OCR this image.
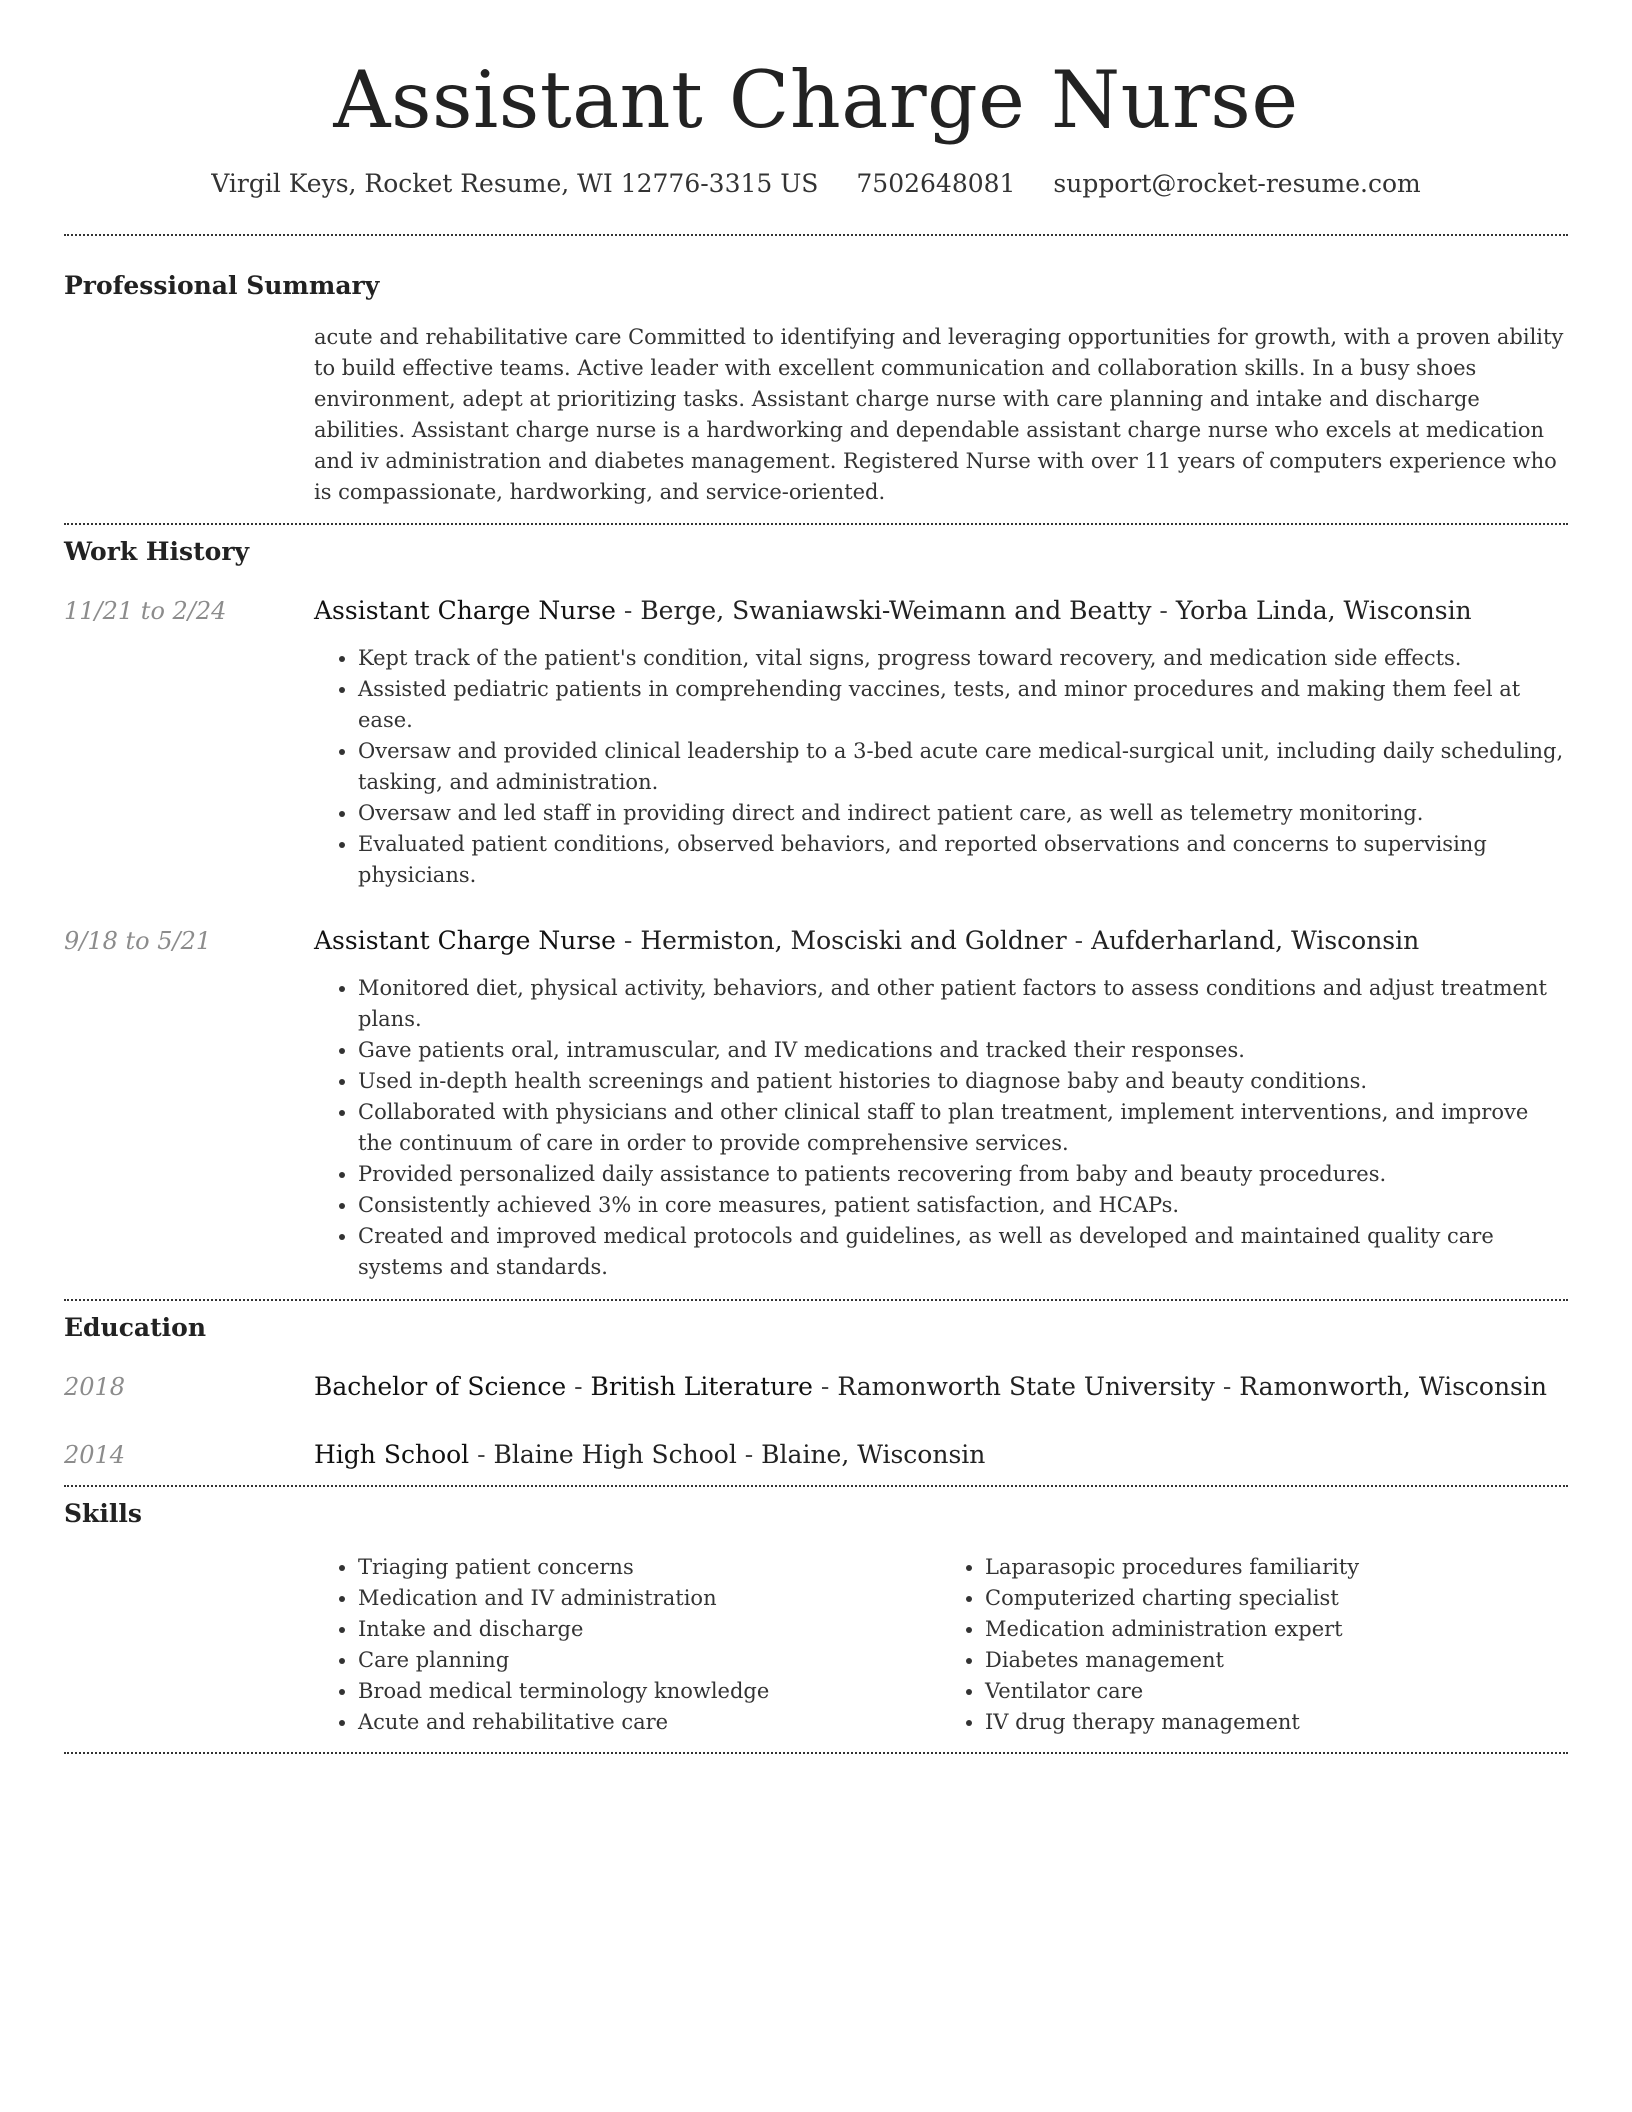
Assistant Charge Nurse
Virgil Keys, Rocket Resume, WI 12776-3315 US 7502648081 support@rocket-resume.com
Professional Summary

acute and rehabilitative care Committed to identifying and leveraging opportunities for growth, with a proven ability to build effective teams. Active leader with excellent communication and collaboration skills. In a busy shoes environment, adept at prioritizing tasks. Assistant charge nurse with care planning and intake and discharge abilities. Assistant charge nurse is a hardworking and dependable assistant charge nurse who excels at medication and iv administration and diabetes management. Registered Nurse with over 11 years of computers experience who is compassionate, hardworking, and service-oriented.

Work History
11/21 to 2/24	Assistant Charge Nurse - Berge, Swaniawski-Weimann and Beatty - Yorba Linda, Wisconsin
• Kept track of the patient's condition, vital signs, progress toward recovery, and medication side effects.
• Assisted pediatric patients in comprehending vaccines, tests, and minor procedures and making them feel at ease.
• Oversaw and provided clinical leadership to a 3-bed acute care medical-surgical unit, including daily scheduling, tasking, and administration.
• Oversaw and led staff in providing direct and indirect patient care, as well as telemetry monitoring.
• Evaluated patient conditions, observed behaviors, and reported observations and concerns to supervising physicians.
9/18 to 5/21	Assistant Charge Nurse - Hermiston, Mosciski and Goldner - Aufderharland, Wisconsin
• Monitored diet, physical activity, behaviors, and other patient factors to assess conditions and adjust treatment plans.
• Gave patients oral, intramuscular, and IV medications and tracked their responses.
• Used in-depth health screenings and patient histories to diagnose baby and beauty conditions.
• Collaborated with physicians and other clinical staff to plan treatment, implement interventions, and improve the continuum of care in order to provide comprehensive services.
• Provided personalized daily assistance to patients recovering from baby and beauty procedures.
• Consistently achieved 3% in core measures, patient satisfaction, and HCAPs.
• Created and improved medical protocols and guidelines, as well as developed and maintained quality care systems and standards.
Education
2018	Bachelor of Science - British Literature - Ramonworth State University - Ramonworth, Wisconsin
2014	High School - Blaine High School - Blaine, Wisconsin
Skills
• Triaging patient concerns
• Medication and IV administration
• Intake and discharge
• Care planning
• Broad medical terminology knowledge
• Acute and rehabilitative care
• Laparasopic procedures familiarity
• Computerized charting specialist
• Medication administration expert
• Diabetes management
• Ventilator care
• IV drug therapy management
